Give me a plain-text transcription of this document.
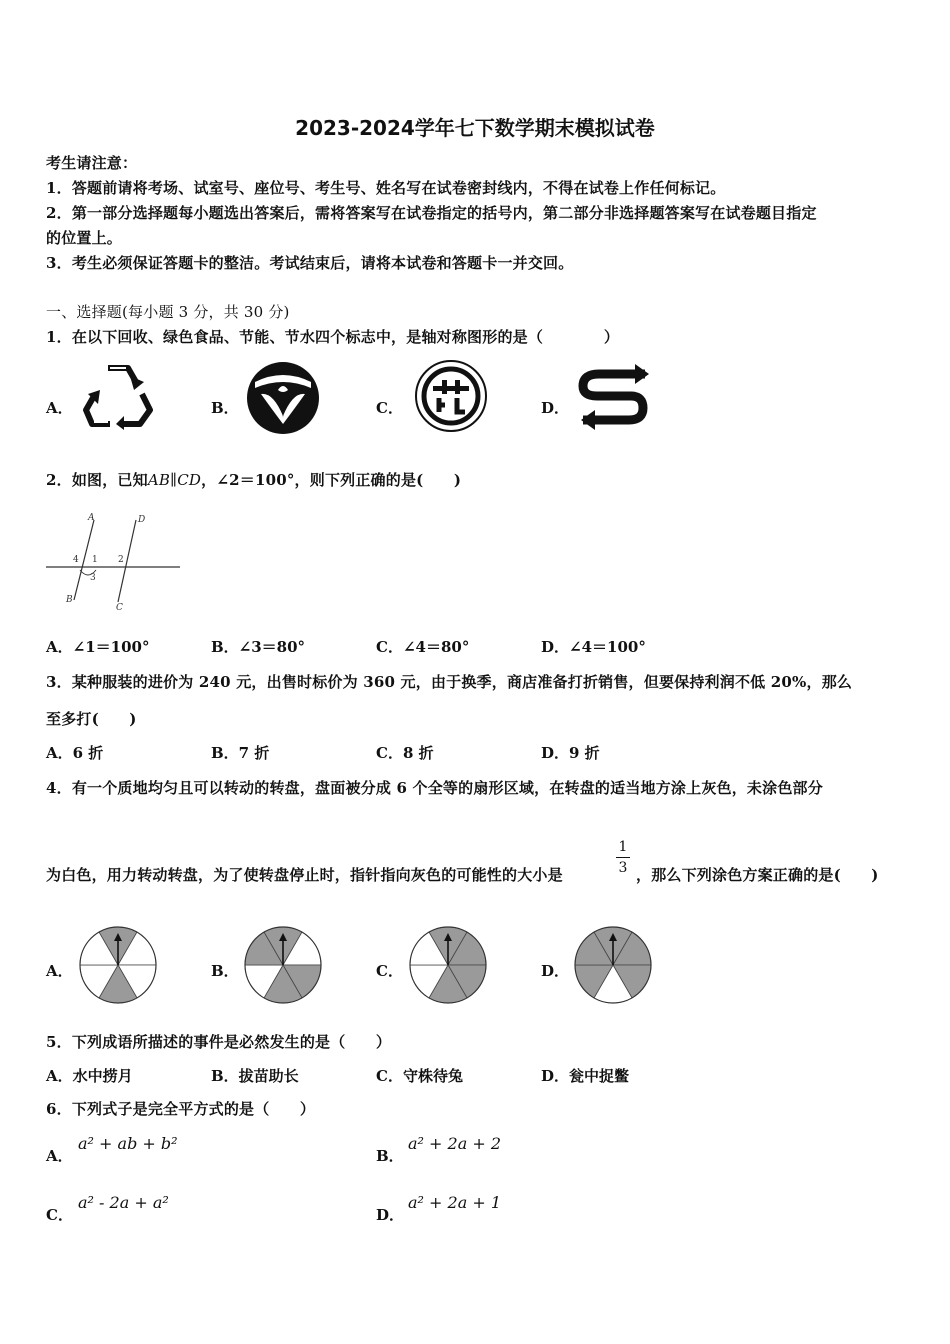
2023-2024学年七下数学期末模拟试卷
考生请注意：
1．答题前请将考场、试室号、座位号、考生号、姓名写在试卷密封线内，不得在试卷上作任何标记。
2．第一部分选择题每小题选出答案后，需将答案写在试卷指定的括号内，第二部分非选择题答案写在试卷题目指定
的位置上。
3．考生必须保证答题卡的整洁。考试结束后，请将本试卷和答题卡一并交回。
一、选择题(每小题 3 分，共 30 分)
1．在以下回收、绿色食品、节能、节水四个标志中，是轴对称图形的是（　　　　）
A．	B．	C．	D．
2．如图，已知AB∥CD，∠2＝100°，则下列正确的是(　　)
A	D
B
C
4 1
3
2
A．∠1＝100°	B．∠3＝80°	C．∠4＝80°	D．∠4＝100°
3．某种服装的进价为 240 元，出售时标价为 360 元，由于换季，商店准备打折销售，但要保持利润不低 20%，那么
至多打(　　)
A．6 折	B．7 折	C．8 折	D．9 折
4．有一个质地均匀且可以转动的转盘，盘面被分成 6 个全等的扇形区域，在转盘的适当地方涂上灰色，未涂色部分
为白色，用力转动转盘，为了使转盘停止时，指针指向灰色的可能性的大小是
1
3 ，那么下列涂色方案正确的是(　　)
A．	B．	C．	D．
5．下列成语所描述的事件是必然发生的是（　　）
A．水中捞月	B．拔苗助长	C．守株待兔	D．瓮中捉鳖
6．下列式子是完全平方式的是（　　）
A．
a² + ab + b²
B．
a² + 2a + 2
C．
a² - 2a + a²
D．
a² + 2a + 1
